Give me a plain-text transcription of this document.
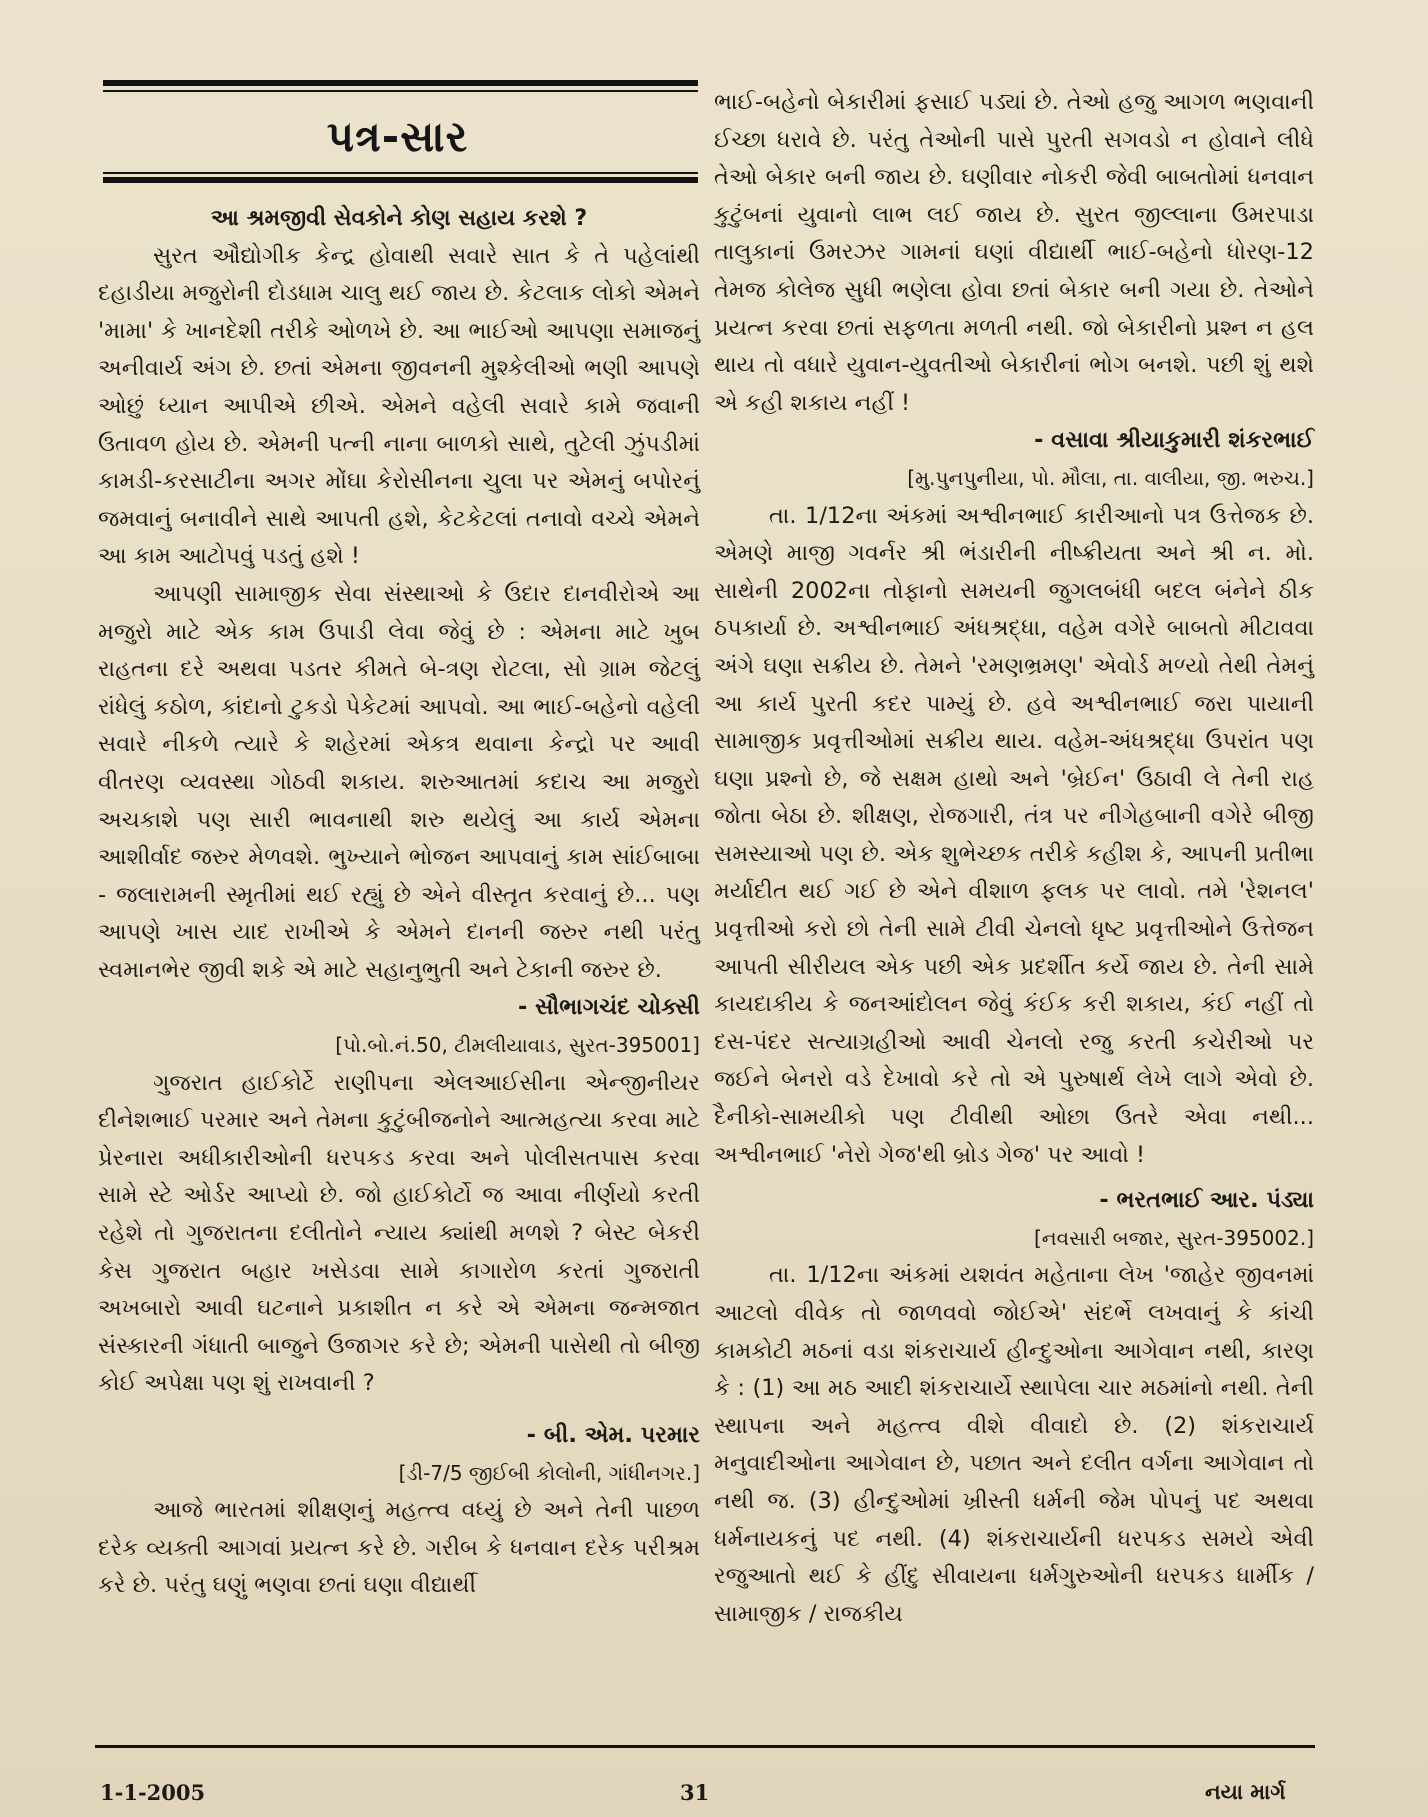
પત્ર-સાર

આ શ્રમજીવી સેવકોને કોણ સહાય કરશે ?

સુરત ઔદ્યોગીક કેન્દ્ર હોવાથી સવારે સાત કે તે પહેલાંથી દહાડીયા મજુરોની દોડધામ ચાલુ થઈ જાય છે. કેટલાક લોકો એમને 'મામા' કે ખાનદેશી તરીકે ઓળખે છે. આ ભાઈઓ આપણા સમાજનું અનીવાર્ય અંગ છે. છતાં એમના જીવનની મુશ્કેલીઓ ભણી આપણે ઓછું ધ્યાન આપીએ છીએ. એમને વહેલી સવારે કામે જવાની ઉતાવળ હોય છે. એમની પત્ની નાના બાળકો સાથે, તુટેલી ઝુંપડીમાં કામડી-કરસાટીના અગર મોંઘા કેરોસીનના ચુલા પર એમનું બપોરનું જમવાનું બનાવીને સાથે આપતી હશે, કેટકેટલાં તનાવો વચ્ચે એમને આ કામ આટોપવું પડતું હશે !

આપણી સામાજીક સેવા સંસ્થાઓ કે ઉદાર દાનવીરોએ આ મજુરો માટે એક કામ ઉપાડી લેવા જેવું છે : એમના માટે ખુબ રાહતના દરે અથવા પડતર કીમતે બે-ત્રણ રોટલા, સો ગ્રામ જેટલું રાંધેલું કઠોળ, કાંદાનો ટુકડો પેકેટમાં આપવો. આ ભાઈ-બહેનો વહેલી સવારે નીકળે ત્યારે કે શહેરમાં એકત્ર થવાના કેન્દ્રો પર આવી વીતરણ વ્યવસ્થા ગોઠવી શકાય. શરુઆતમાં કદાચ આ મજુરો અચકાશે પણ સારી ભાવનાથી શરુ થયેલું આ કાર્ય એમના આશીર્વાદ જરુર મેળવશે. ભુખ્યાને ભોજન આપવાનું કામ સાંઈબાબા - જલારામની સ્મૃતીમાં થઈ રહ્યું છે એને વીસ્તૃત કરવાનું છે... પણ આપણે ખાસ યાદ રાખીએ કે એમને દાનની જરુર નથી પરંતુ સ્વમાનભેર જીવી શકે એ માટે સહાનુભુતી અને ટેકાની જરુર છે.

- સૌભાગચંદ ચોક્સી

[પો.બો.નં.50, ટીમલીયાવાડ, સુરત-395001]

ગુજરાત હાઈકોર્ટે રાણીપના એલઆઈસીના એન્જીનીયર દીનેશભાઈ પરમાર અને તેમના કુટુંબીજનોને આત્મહત્યા કરવા માટે પ્રેરનારા અધીકારીઓની ધરપકડ કરવા અને પોલીસતપાસ કરવા સામે સ્ટે ઓર્ડર આપ્યો છે. જો હાઈકોર્ટો જ આવા નીર્ણયો કરતી રહેશે તો ગુજરાતના દલીતોને ન્યાય ક્યાંથી મળશે ? બેસ્ટ બેકરી કેસ ગુજરાત બહાર ખસેડવા સામે કાગારોળ કરતાં ગુજરાતી અખબારો આવી ઘટનાને પ્રકાશીત ન કરે એ એમના જન્મજાત સંસ્કારની ગંધાતી બાજુને ઉજાગર કરે છે; એમની પાસેથી તો બીજી કોઈ અપેક્ષા પણ શું રાખવાની ?

- બી. એમ. પરમાર

[ડી-7/5 જીઈબી કોલોની, ગાંધીનગર.]

આજે ભારતમાં શીક્ષણનું મહત્ત્વ વધ્યું છે અને તેની પાછળ દરેક વ્યક્તી આગવાં પ્રયત્ન કરે છે. ગરીબ કે ધનવાન દરેક પરીશ્રમ કરે છે. પરંતુ ઘણું ભણવા છતાં ઘણા વીદ્યાર્થી

ભાઈ-બહેનો બેકારીમાં ફસાઈ પડ્યાં છે. તેઓ હજુ આગળ ભણવાની ઈચ્છા ધરાવે છે. પરંતુ તેઓની પાસે પુરતી સગવડો ન હોવાને લીધે તેઓ બેકાર બની જાય છે. ઘણીવાર નોકરી જેવી બાબતોમાં ધનવાન કુટુંબનાં યુવાનો લાભ લઈ જાય છે. સુરત જીલ્લાના ઉમરપાડા તાલુકાનાં ઉમરઝર ગામનાં ઘણાં વીદ્યાર્થી ભાઈ-બહેનો ધોરણ-12 તેમજ કોલેજ સુધી ભણેલા હોવા છતાં બેકાર બની ગયા છે. તેઓને પ્રયત્ન કરવા છતાં સફળતા મળતી નથી. જો બેકારીનો પ્રશ્ન ન હલ થાય તો વધારે યુવાન-યુવતીઓ બેકારીનાં ભોગ બનશે. પછી શું થશે એ કહી શકાય નહીં !

- વસાવા શ્રીયાકુમારી શંકરભાઈ

[મુ.પુનપુનીયા, પો. મૌલા, તા. વાલીયા, જી. ભરુચ.]

તા. 1/12ના અંકમાં અશ્વીનભાઈ કારીઆનો પત્ર ઉત્તેજક છે. એમણે માજી ગવર્નર શ્રી ભંડારીની નીષ્ક્રીયતા અને શ્રી ન. મો. સાથેની 2002ના તોફાનો સમયની જુગલબંધી બદલ બંનેને ઠીક ઠપકાર્યા છે. અશ્વીનભાઈ અંધશ્રદ્ધા, વહેમ વગેરે બાબતો મીટાવવા અંગે ઘણા સક્રીય છે. તેમને 'રમણભ્રમણ' એવોર્ડ મળ્યો તેથી તેમનું આ કાર્ય પુરતી કદર પામ્યું છે. હવે અશ્વીનભાઈ જરા પાયાની સામાજીક પ્રવૃત્તીઓમાં સક્રીય થાય. વહેમ-અંધશ્રદ્ધા ઉપરાંત પણ ઘણા પ્રશ્નો છે, જે સક્ષમ હાથો અને 'બ્રેઈન' ઉઠાવી લે તેની રાહ જોતા બેઠા છે. શીક્ષણ, રોજગારી, તંત્ર પર નીગેહબાની વગેરે બીજી સમસ્યાઓ પણ છે. એક શુભેચ્છક તરીકે કહીશ કે, આપની પ્રતીભા મર્યાદીત થઈ ગઈ છે એને વીશાળ ફલક પર લાવો. તમે 'રેશનલ' પ્રવૃત્તીઓ કરો છો તેની સામે ટીવી ચેનલો ધૃષ્ટ પ્રવૃત્તીઓને ઉત્તેજન આપતી સીરીયલ એક પછી એક પ્રદર્શીત કર્યે જાય છે. તેની સામે કાયદાકીય કે જનઆંદોલન જેવું કંઈક કરી શકાય, કંઈ નહીં તો દસ-પંદર સત્યાગ્રહીઓ આવી ચેનલો રજુ કરતી કચેરીઓ પર જઈને બેનરો વડે દેખાવો કરે તો એ પુરુષાર્થ લેખે લાગે એવો છે. દૈનીકો-સામયીકો પણ ટીવીથી ઓછા ઉતરે એવા નથી... અશ્વીનભાઈ 'નેરો ગેજ'થી બ્રોડ ગેજ' પર આવો !

- ભરતભાઈ આર. પંડ્યા

[નવસારી બજાર, સુરત-395002.]

તા. 1/12ના અંકમાં યશવંત મહેતાના લેખ 'જાહેર જીવનમાં આટલો વીવેક તો જાળવવો જોઈએ' સંદર્ભે લખવાનું કે કાંચી કામકોટી મઠનાં વડા શંકરાચાર્ય હીન્દુઓના આગેવાન નથી, કારણ કે : (1) આ મઠ આદી શંકરાચાર્યે સ્થાપેલા ચાર મઠમાંનો નથી. તેની સ્થાપના અને મહત્ત્વ વીશે વીવાદો છે. (2) શંકરાચાર્ય મનુવાદીઓના આગેવાન છે, પછાત અને દલીત વર્ગના આગેવાન તો નથી જ. (3) હીન્દુઓમાં ખ્રીસ્તી ધર્મની જેમ પોપનું પદ અથવા ધર્મનાયકનું પદ નથી. (4) શંકરાચાર્યની ધરપકડ સમયે એવી રજુઆતો થઈ કે હીંદુ સીવાયના ધર્મગુરુઓની ધરપકડ ધાર્મીક / સામાજીક / રાજકીય

1-1-2005	31	નયા માર્ગ
